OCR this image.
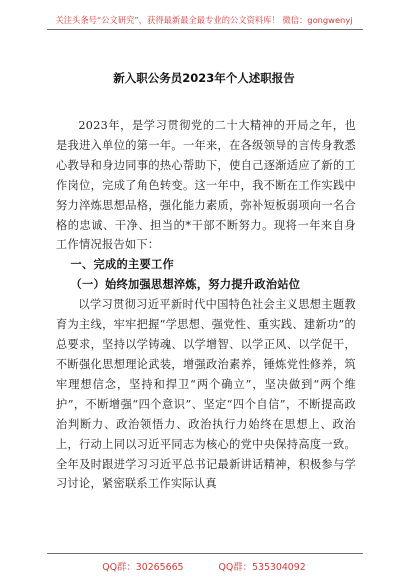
关注头条号“公文研究”，获得最新最全最专业的公文资料库！ 微信：gongwenyj
新入职公务员2023年个人述职报告

2023年，是学习贯彻党的二十大精神的开局之年，也是我进入单位的第一年。一年来，在各级领导的言传身教悉心教导和身边同事的热心帮助下，使自己逐渐适应了新的工作岗位，完成了角色转变。这一年中，我不断在工作实践中努力淬炼思想品格，强化能力素质，弥补短板弱项向一名合格的忠诚、干净、担当的*干部不断努力。现将一年来自身工作情况报告如下：

一、完成的主要工作

（一）始终加强思想淬炼，努力提升政治站位

以学习贯彻习近平新时代中国特色社会主义思想主题教育为主线，牢牢把握“学思想、强党性、重实践、建新功”的总要求，坚持以学铸魂、以学增智、以学正风、以学促干，不断强化思想理论武装，增强政治素养，锤炼党性修养，筑牢理想信念，坚持和捍卫“两个确立”，坚决做到“两个维护”，不断增强“四个意识”、坚定“四个自信”，不断提高政治判断力、政治领悟力、政治执行力始终在思想上、政治上，行动上同以习近平同志为核心的党中央保持高度一致。全年及时跟进学习习近平总书记最新讲话精神，积极参与学习讨论，紧密联系工作实际认真

QQ群：30265665	QQ群：535304092
